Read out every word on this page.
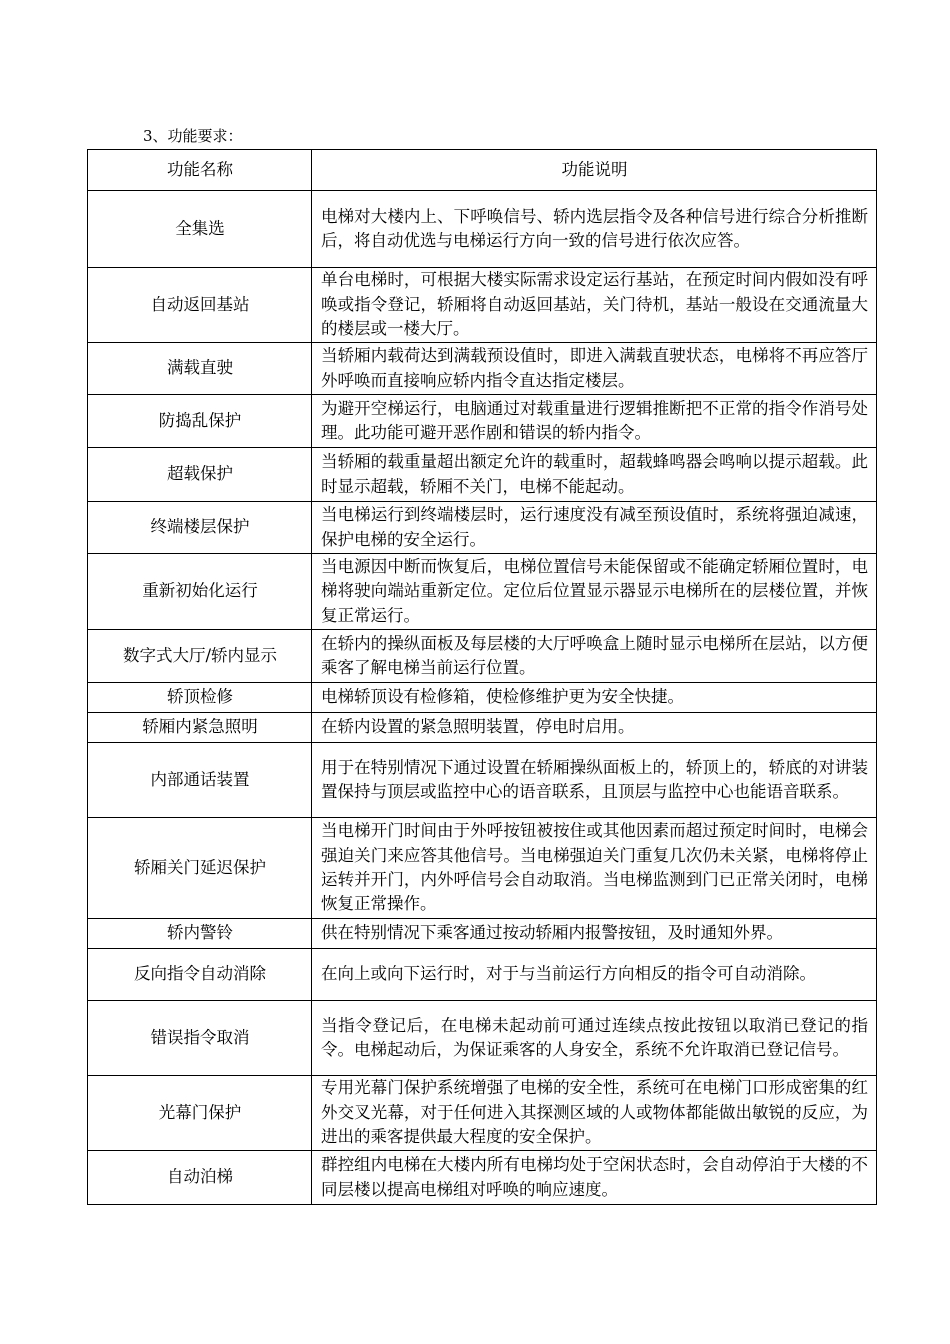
3、功能要求：
功能名称	功能说明
全集选	电梯对大楼内上、下呼唤信号、轿内选层指令及各种信号进行综合分析推断后，将自动优选与电梯运行方向一致的信号进行依次应答。
自动返回基站	单台电梯时，可根据大楼实际需求设定运行基站，在预定时间内假如没有呼唤或指令登记，轿厢将自动返回基站，关门待机，基站一般设在交通流量大的楼层或一楼大厅。
满载直驶	当轿厢内载荷达到满载预设值时，即进入满载直驶状态，电梯将不再应答厅外呼唤而直接响应轿内指令直达指定楼层。
防捣乱保护	为避开空梯运行，电脑通过对载重量进行逻辑推断把不正常的指令作消号处理。此功能可避开恶作剧和错误的轿内指令。
超载保护	当轿厢的载重量超出额定允许的载重时，超载蜂鸣器会鸣响以提示超载。此时显示超载，轿厢不关门，电梯不能起动。
终端楼层保护	当电梯运行到终端楼层时，运行速度没有减至预设值时，系统将强迫减速，保护电梯的安全运行。
重新初始化运行	当电源因中断而恢复后，电梯位置信号未能保留或不能确定轿厢位置时，电梯将驶向端站重新定位。定位后位置显示器显示电梯所在的层楼位置，并恢复正常运行。
数字式大厅/轿内显示	在轿内的操纵面板及每层楼的大厅呼唤盒上随时显示电梯所在层站，以方便乘客了解电梯当前运行位置。
轿顶检修	电梯轿顶设有检修箱，使检修维护更为安全快捷。
轿厢内紧急照明	在轿内设置的紧急照明装置，停电时启用。
内部通话装置	用于在特别情况下通过设置在轿厢操纵面板上的，轿顶上的，轿底的对讲装置保持与顶层或监控中心的语音联系，且顶层与监控中心也能语音联系。
轿厢关门延迟保护	当电梯开门时间由于外呼按钮被按住或其他因素而超过预定时间时，电梯会强迫关门来应答其他信号。当电梯强迫关门重复几次仍未关紧，电梯将停止运转并开门，内外呼信号会自动取消。当电梯监测到门已正常关闭时，电梯恢复正常操作。
轿内警铃	供在特别情况下乘客通过按动轿厢内报警按钮，及时通知外界。
反向指令自动消除	在向上或向下运行时，对于与当前运行方向相反的指令可自动消除。
错误指令取消	当指令登记后，在电梯未起动前可通过连续点按此按钮以取消已登记的指令。电梯起动后，为保证乘客的人身安全，系统不允许取消已登记信号。
光幕门保护	专用光幕门保护系统增强了电梯的安全性，系统可在电梯门口形成密集的红外交叉光幕，对于任何进入其探测区域的人或物体都能做出敏锐的反应，为进出的乘客提供最大程度的安全保护。
自动泊梯	群控组内电梯在大楼内所有电梯均处于空闲状态时，会自动停泊于大楼的不同层楼以提高电梯组对呼唤的响应速度。
